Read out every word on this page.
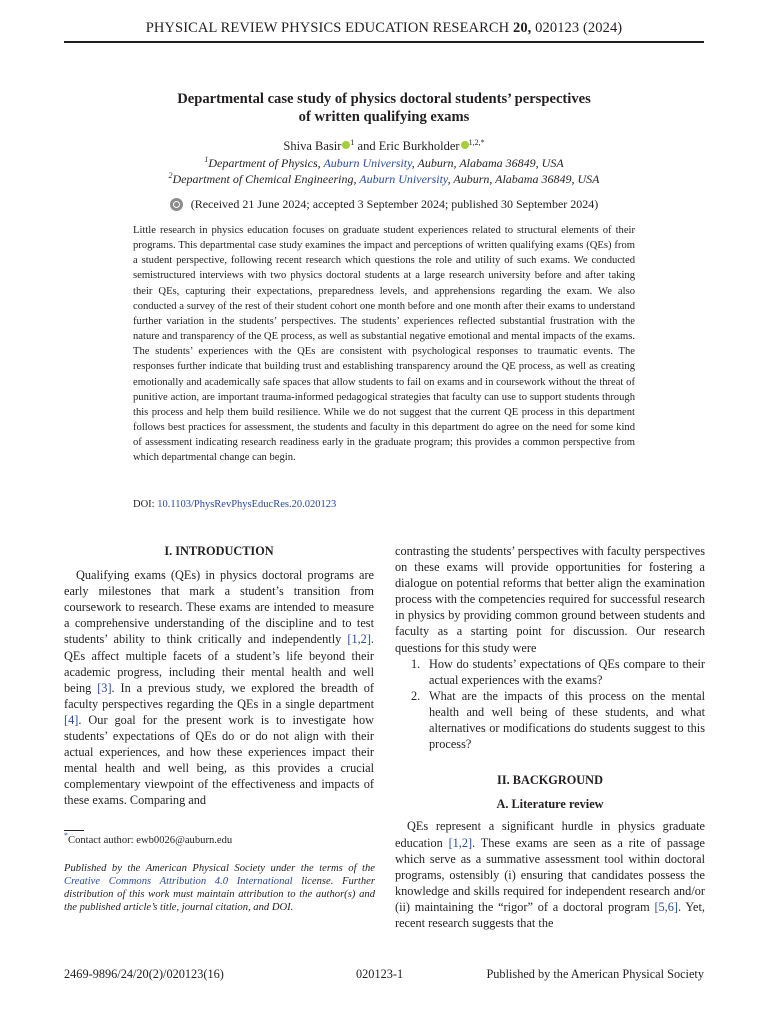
PHYSICAL REVIEW PHYSICS EDUCATION RESEARCH 20, 020123 (2024)
Departmental case study of physics doctoral students’ perspectives
of written qualifying exams
Shiva Basir $^1$ and Eric Burkholder $^{1,2,*}$
$^1$Department of Physics, Auburn University, Auburn, Alabama 36849, USA
$^2$Department of Chemical Engineering, Auburn University, Auburn, Alabama 36849, USA
(Received 21 June 2024; accepted 3 September 2024; published 30 September 2024)
Little research in physics education focuses on graduate student experiences related to structural elements of their programs. This departmental case study examines the impact and perceptions of written qualifying exams (QEs) from a student perspective, following recent research which questions the role and utility of such exams. We conducted semistructured interviews with two physics doctoral students at a large research university before and after taking their QEs, capturing their expectations, preparedness levels, and apprehensions regarding the exam. We also conducted a survey of the rest of their student cohort one month before and one month after their exams to understand further variation in the students’ perspectives. The students’ experiences reflected substantial frustration with the nature and transparency of the QE process, as well as substantial negative emotional and mental impacts of the exams. The students’ experiences with the QEs are consistent with psychological responses to traumatic events. The responses further indicate that building trust and establishing transparency around the QE process, as well as creating emotionally and academically safe spaces that allow students to fail on exams and in coursework without the threat of punitive action, are important trauma-informed pedagogical strategies that faculty can use to support students through this process and help them build resilience. While we do not suggest that the current QE process in this department follows best practices for assessment, the students and faculty in this department do agree on the need for some kind of assessment indicating research readiness early in the graduate program; this provides a common perspective from which departmental change can begin.
DOI: 10.1103/PhysRevPhysEducRes.20.020123
I. INTRODUCTION

Qualifying exams (QEs) in physics doctoral programs are early milestones that mark a student’s transition from coursework to research. These exams are intended to measure a comprehensive understanding of the discipline and to test students’ ability to think critically and independently [1,2]. QEs affect multiple facets of a student’s life beyond their academic progress, including their mental health and well being [3]. In a previous study, we explored the breadth of faculty perspectives regarding the QEs in a single department [4]. Our goal for the present work is to investigate how students’ expectations of QEs do or do not align with their actual experiences, and how these experiences impact their mental health and well being, as this provides a crucial complementary viewpoint of the effectiveness and impacts of these exams. Comparing and

*Contact author: ewb0026@auburn.edu
Published by the American Physical Society under the terms of the Creative Commons Attribution 4.0 International license. Further distribution of this work must maintain attribution to the author(s) and the published article’s title, journal citation, and DOI.

contrasting the students’ perspectives with faculty perspectives on these exams will provide opportunities for fostering a dialogue on potential reforms that better align the examination process with the competencies required for successful research in physics by providing common ground between students and faculty as a starting point for discussion. Our research questions for this study were

1. How do students’ expectations of QEs compare to their actual experiences with the exams?
2. What are the impacts of this process on the mental health and well being of these students, and what alternatives or modifications do students suggest to this process?
II. BACKGROUND
A. Literature review

QEs represent a significant hurdle in physics graduate education [1,2]. These exams are seen as a rite of passage which serve as a summative assessment tool within doctoral programs, ostensibly (i) ensuring that candidates possess the knowledge and skills required for independent research and/or (ii) maintaining the “rigor” of a doctoral program [5,6]. Yet, recent research suggests that the

2469-9896/24/20(2)/020123(16)	020123-1	Published by the American Physical Society
